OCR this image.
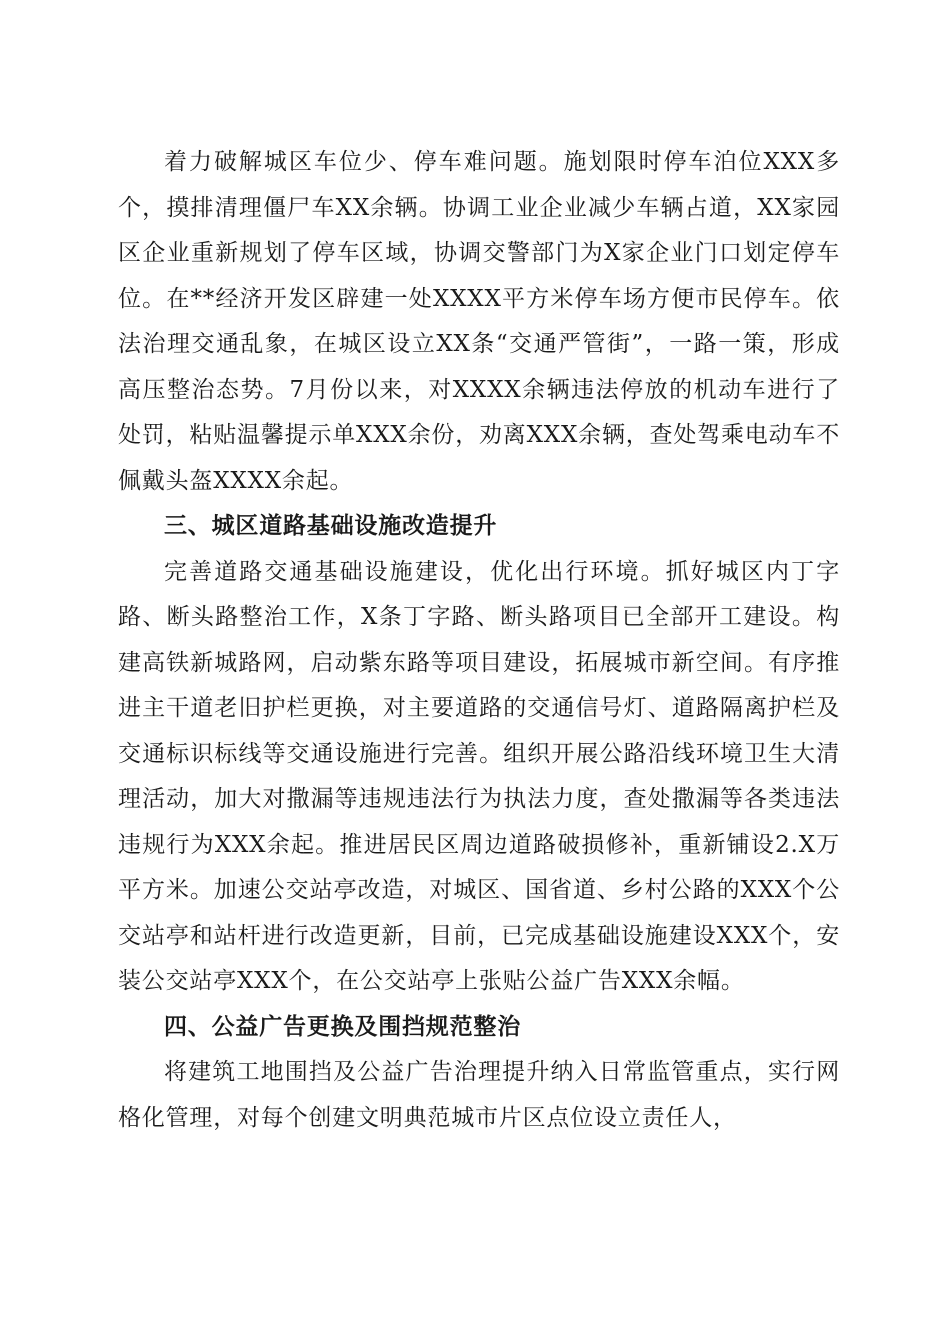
着力破解城区车位少、停车难问题。施划限时停车泊位XXX多个，摸排清理僵尸车XX余辆。协调工业企业减少车辆占道，XX家园区企业重新规划了停车区域，协调交警部门为X家企业门口划定停车位。在**经济开发区辟建一处XXXX平方米停车场方便市民停车。依法治理交通乱象，在城区设立XX条“交通严管街”，一路一策，形成高压整治态势。7月份以来，对XXXX余辆违法停放的机动车进行了处罚，粘贴温馨提示单XXX余份，劝离XXX余辆，查处驾乘电动车不佩戴头盔XXXX余起。

三、城区道路基础设施改造提升

完善道路交通基础设施建设，优化出行环境。抓好城区内丁字路、断头路整治工作，X条丁字路、断头路项目已全部开工建设。构建高铁新城路网，启动紫东路等项目建设，拓展城市新空间。有序推进主干道老旧护栏更换，对主要道路的交通信号灯、道路隔离护栏及交通标识标线等交通设施进行完善。组织开展公路沿线环境卫生大清理活动，加大对撒漏等违规违法行为执法力度，查处撒漏等各类违法违规行为XXX余起。推进居民区周边道路破损修补，重新铺设2.X万平方米。加速公交站亭改造，对城区、国省道、乡村公路的XXX个公交站亭和站杆进行改造更新，目前，已完成基础设施建设XXX个，安装公交站亭XXX个，在公交站亭上张贴公益广告XXX余幅。

四、公益广告更换及围挡规范整治

将建筑工地围挡及公益广告治理提升纳入日常监管重点，实行网格化管理，对每个创建文明典范城市片区点位设立责任人，
